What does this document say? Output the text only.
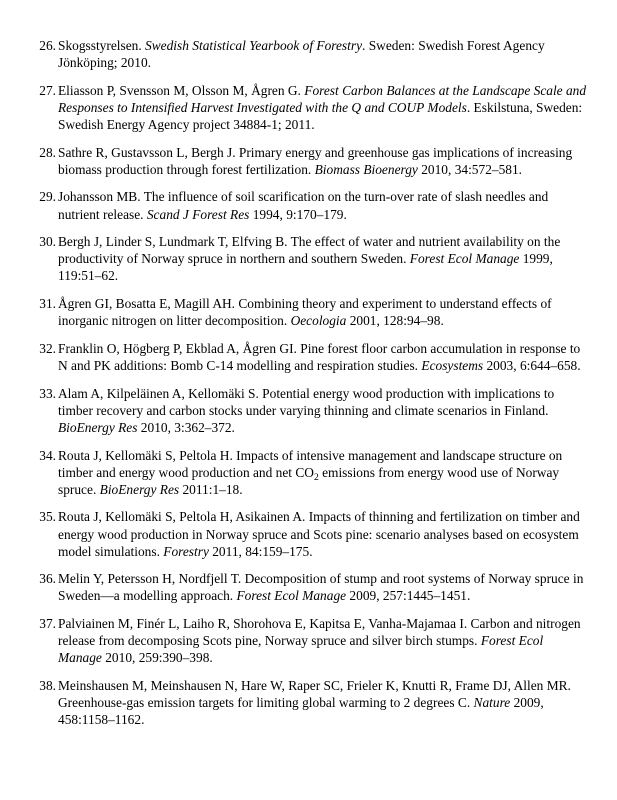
26. Skogsstyrelsen. Swedish Statistical Yearbook of Forestry. Sweden: Swedish Forest Agency Jönköping; 2010.
27. Eliasson P, Svensson M, Olsson M, Ågren G. Forest Carbon Balances at the Landscape Scale and Responses to Intensified Harvest Investigated with the Q and COUP Models. Eskilstuna, Sweden: Swedish Energy Agency project 34884-1; 2011.
28. Sathre R, Gustavsson L, Bergh J. Primary energy and greenhouse gas implications of increasing biomass production through forest fertilization. Biomass Bioenergy 2010, 34:572–581.
29. Johansson MB. The influence of soil scarification on the turn-over rate of slash needles and nutrient release. Scand J Forest Res 1994, 9:170–179.
30. Bergh J, Linder S, Lundmark T, Elfving B. The effect of water and nutrient availability on the productivity of Norway spruce in northern and southern Sweden. Forest Ecol Manage 1999, 119:51–62.
31. Ågren GI, Bosatta E, Magill AH. Combining theory and experiment to understand effects of inorganic nitrogen on litter decomposition. Oecologia 2001, 128:94–98.
32. Franklin O, Högberg P, Ekblad A, Ågren GI. Pine forest floor carbon accumulation in response to N and PK additions: Bomb C-14 modelling and respiration studies. Ecosystems 2003, 6:644–658.
33. Alam A, Kilpeläinen A, Kellomäki S. Potential energy wood production with implications to timber recovery and carbon stocks under varying thinning and climate scenarios in Finland. BioEnergy Res 2010, 3:362–372.
34. Routa J, Kellomäki S, Peltola H. Impacts of intensive management and landscape structure on timber and energy wood production and net $CO_2$ emissions from energy wood use of Norway spruce. BioEnergy Res 2011:1–18.
35. Routa J, Kellomäki S, Peltola H, Asikainen A. Impacts of thinning and fertilization on timber and energy wood production in Norway spruce and Scots pine: scenario analyses based on ecosystem model simulations. Forestry 2011, 84:159–175.
36. Melin Y, Petersson H, Nordfjell T. Decomposition of stump and root systems of Norway spruce in Sweden—a modelling approach. Forest Ecol Manage 2009, 257:1445–1451.
37. Palviainen M, Finér L, Laiho R, Shorohova E, Kapitsa E, Vanha-Majamaa I. Carbon and nitrogen release from decomposing Scots pine, Norway spruce and silver birch stumps. Forest Ecol Manage 2010, 259:390–398.
38. Meinshausen M, Meinshausen N, Hare W, Raper SC, Frieler K, Knutti R, Frame DJ, Allen MR. Greenhouse-gas emission targets for limiting global warming to 2 degrees C. Nature 2009, 458:1158–1162.
